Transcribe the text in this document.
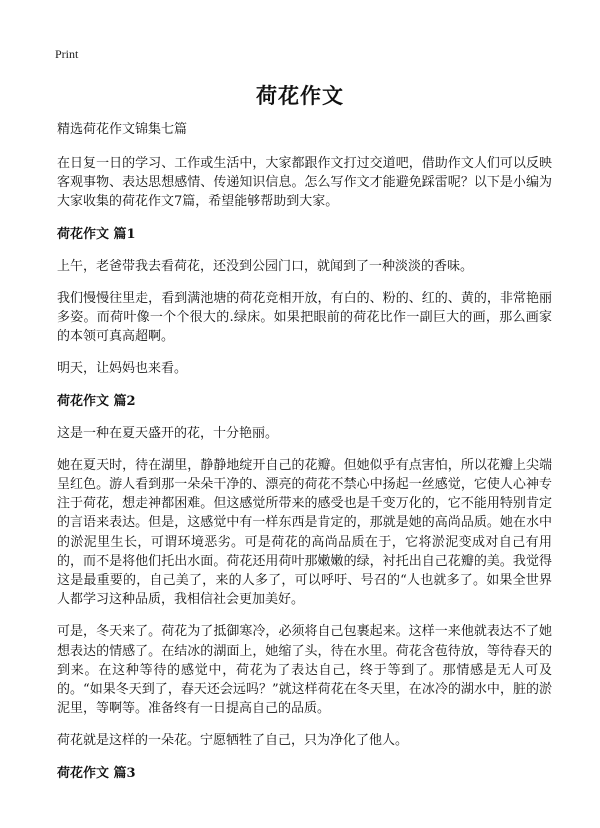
Print
荷花作文
精选荷花作文锦集七篇

在日复一日的学习、工作或生活中，大家都跟作文打过交道吧，借助作文人们可以反映客观事物、表达思想感情、传递知识信息。怎么写作文才能避免踩雷呢？以下是小编为大家收集的荷花作文7篇，希望能够帮助到大家。

荷花作文 篇1

上午，老爸带我去看荷花，还没到公园门口，就闻到了一种淡淡的香味。

我们慢慢往里走，看到满池塘的荷花竞相开放，有白的、粉的、红的、黄的，非常艳丽多姿。而荷叶像一个个很大的.绿床。如果把眼前的荷花比作一副巨大的画，那么画家的本领可真高超啊。

明天，让妈妈也来看。

荷花作文 篇2

这是一种在夏天盛开的花，十分艳丽。

她在夏天时，待在湖里，静静地绽开自己的花瓣。但她似乎有点害怕，所以花瓣上尖端呈红色。游人看到那一朵朵干净的、漂亮的荷花不禁心中扬起一丝感觉，它使人心神专注于荷花，想走神都困难。但这感觉所带来的感受也是千变万化的，它不能用特别肯定的言语来表达。但是，这感觉中有一样东西是肯定的，那就是她的高尚品质。她在水中的淤泥里生长，可谓环境恶劣。可是荷花的高尚品质在于，它将淤泥变成对自己有用的，而不是将他们托出水面。荷花还用荷叶那嫩嫩的绿，衬托出自己花瓣的美。我觉得这是最重要的，自己美了，来的人多了，可以呼吁、号召的“人也就多了。如果全世界人都学习这种品质，我相信社会更加美好。

可是，冬天来了。荷花为了抵御寒冷，必须将自己包裹起来。这样一来他就表达不了她想表达的情感了。在结冰的湖面上，她缩了头，待在水里。荷花含苞待放，等待春天的到来。在这种等待的感觉中，荷花为了表达自己，终于等到了。那情感是无人可及的。“如果冬天到了，春天还会远吗？”就这样荷花在冬天里，在冰冷的湖水中，脏的淤泥里，等啊等。准备终有一日提高自己的品质。

荷花就是这样的一朵花。宁愿牺牲了自己，只为净化了他人。

荷花作文 篇3
